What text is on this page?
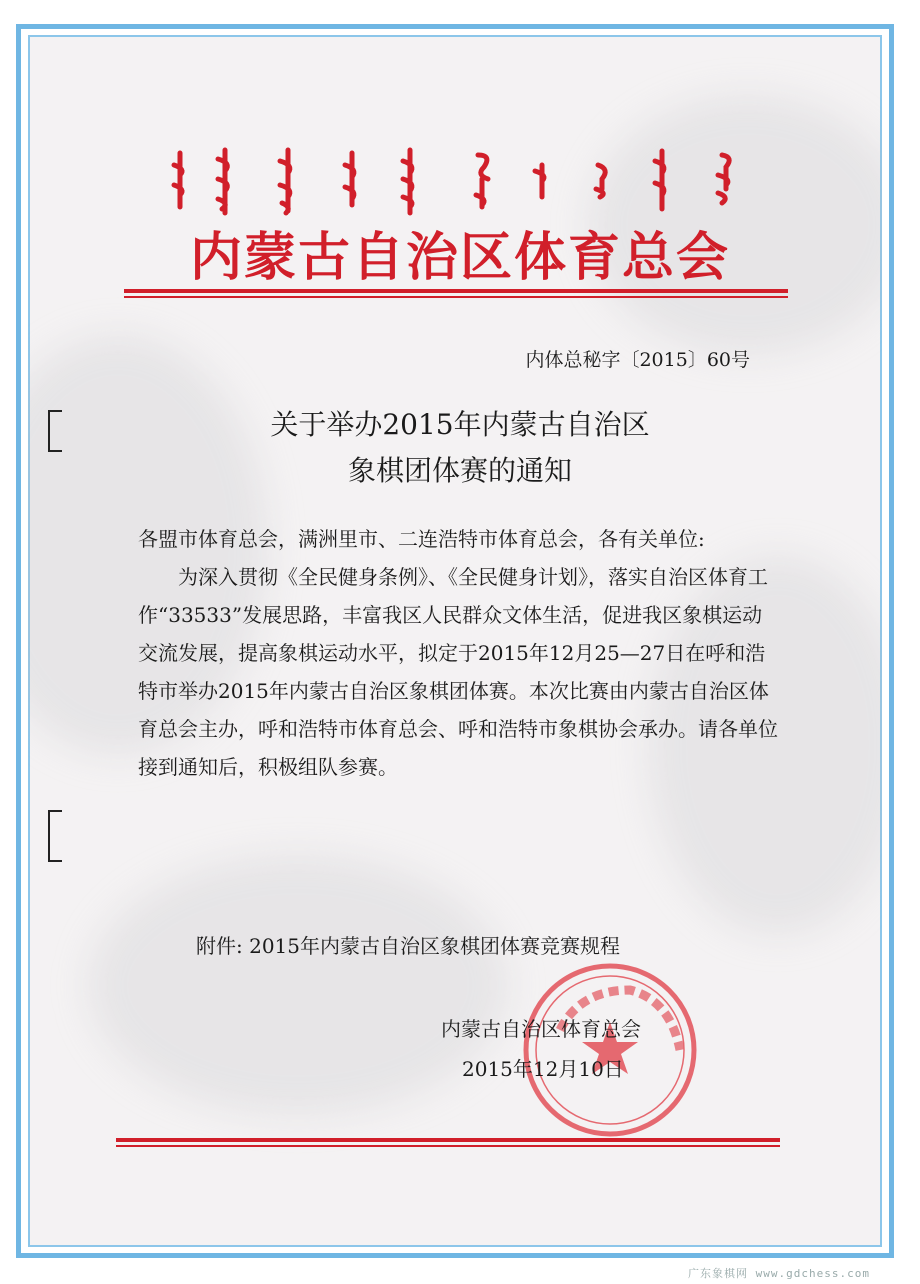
内蒙古自治区体育总会
内体总秘字〔2015〕60号
关于举办2015年内蒙古自治区
象棋团体赛的通知

各盟市体育总会，满洲里市、二连浩特市体育总会，各有关单位:

为深入贯彻《全民健身条例》、《全民健身计划》，落实自治区体育工作“33533”发展思路，丰富我区人民群众文体生活，促进我区象棋运动交流发展，提高象棋运动水平，拟定于2015年12月25—27日在呼和浩特市举办2015年内蒙古自治区象棋团体赛。本次比赛由内蒙古自治区体育总会主办，呼和浩特市体育总会、呼和浩特市象棋协会承办。请各单位接到通知后，积极组队参赛。

附件: 2015年内蒙古自治区象棋团体赛竞赛规程
内蒙古自治区体育总会
2015年12月10日
广东象棋网 www.gdchess.com
